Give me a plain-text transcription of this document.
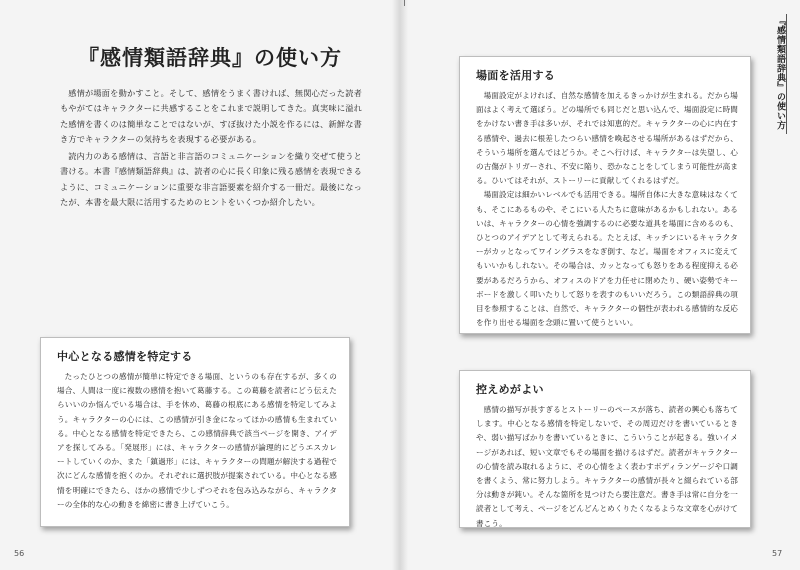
『感情類語辞典』の使い方

感情が場面を動かすこと。そして、感情をうまく書ければ、無関心だった読者もやがてはキャラクターに共感することをこれまで説明してきた。真実味に溢れた感情を書くのは簡単なことではないが、すぼ抜けた小説を作るには、新鮮な書き方でキャラクターの気持ちを表現する必要がある。

読内力のある感情は、言語と非言語のコミュニケーションを織り交ぜて使うと書ける。本書『感情類語辞典』は、読者の心に長く印象に残る感情を表現できるように、コミュニケーションに重要な非言語要素を紹介する一冊だ。最後になったが、本書を最大限に活用するためのヒントをいくつか紹介したい。

中心となる感情を特定する

たったひとつの感情が簡単に特定できる場面、というのも存在するが、多くの場合、人間は一度に複数の感情を抱いて葛藤する。この葛藤を読者にどう伝えたらいいのか悩んでいる場合は、手を休め、葛藤の根底にある感情を特定してみよう。キャラクターの心には、この感情が引き金になってほかの感情も生まれている。中心となる感情を特定できたら、この感情辞典で該当ページを開き、アイデアを探してみる。「発展形」には、キャラクターの感情が論理的にどうエスカレートしていくのか、また「鎮過形」には、キャラクターの問題が解決する過程で次にどんな感情を抱くのか。それぞれに選択肢が提案されている。中心となる感情を明確にできたら、ほかの感情で少しずつそれを包み込みながら、キャラクターの全体的な心の動きを綿密に書き上げていこう。

場面を活用する

場面設定がよければ、自然な感情を加えるきっかけが生まれる。だから場面はよく考えて選ぼう。どの場所でも同じだと思い込んで、場面設定に時間をかけない書き手は多いが、それでは知恵的だ。キャラクターの心に内在する感情や、過去に根差したつらい感情を喚起させる場所があるはずだから、そういう場所を選んではどうか。そこへ行けば、キャラクターは失望し、心の古傷がトリガーされ、不安に陥り、恐かなことをしてしまう可能性が高まる。ひいてはそれが、ストーリーに貢献してくれるはずだ。

場面設定は細かいレベルでも活用できる。場所自体に大きな意味はなくても、そこにあるものや、そこにいる人たちに意味があるかもしれない。あるいは、キャラクターの心情を強調するのに必要な道具を場面に含めるのも、ひとつのアイデアとして考えられる。たとえば、キッチンにいるキャラクターがカッとなってワイングラスをなぎ倒す、など。場面をオフィスに変えてもいいかもしれない。その場合は、カッとなっても怒りをある程度抑える必要があるだろうから、オフィスのドアを力任せに閉めたり、硬い姿勢でキーボードを激しく叩いたりして怒りを表すのもいいだろう。この類語辞典の項目を参照することは、自然で、キャラクターの個性が表われる感情的な反応を作り出せる場面を念頭に置いて使うといい。

控えめがよい

感情の描写が長すぎるとストーリーのペースが落ち、読者の興心も落ちてします。中心となる感情を特定しないで、その周辺だけを書いているときや、弱い描写ばかりを書いているときに、こういうことが起きる。強いイメージがあれば、短い文章でもその場面を描けるはずだ。読者がキャラクターの心情を読み取れるように、その心情をよく表わすボディランゲージや口調を書くよう、常に努力しよう。キャラクターの感情が長々と綴られている部分は動きが鈍い。そんな箇所を見つけたら要注意だ。書き手は常に自分を一読者として考え、ページをどんどんとめくりたくなるような文章を心がけて書こう。

『感情類語辞典』の使い方
56	57
